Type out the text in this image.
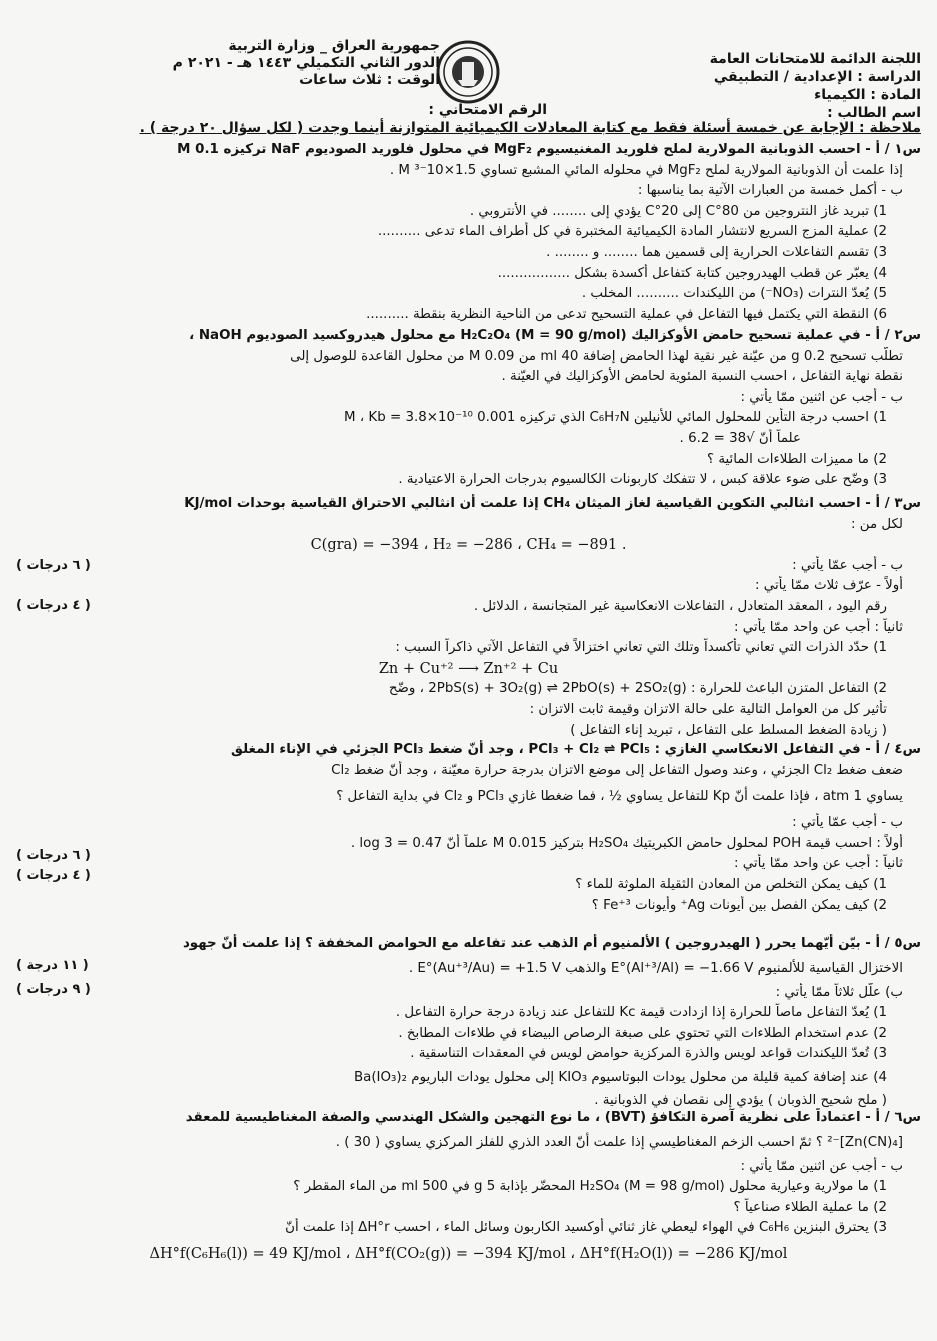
اللجنة الدائمة للامتحانات العامة
الدراسة : الإعدادية / التطبيقي
المادة : الكيمياء
اسم الطالب :
جمهورية العراق _ وزارة التربية
الدور الثاني التكميلي ١٤٤٣ هـ - ٢٠٢١ م
الوقت : ثلاث ساعات
الرقم الامتحاني :
ملاحظة : الإجابة عن خمسة أسئلة فقط مع كتابة المعادلات الكيميائية المتوازنة أينما وجدت ( لكل سؤال ٢٠ درجة ) .
س١ / أ - احسب الذوبانية المولارية لملح فلوريد المغنيسيوم MgF₂ في محلول فلوريد الصوديوم NaF تركيزه 0.1 M
إذا علمت أن الذوبانية المولارية لملح MgF₂ في محلوله المائي المشبع تساوي 1.5×10⁻³ M .
ب - أكمل خمسة من العبارات الآتية بما يناسبها :
1) تبريد غاز النتروجين من 80°C إلى 20°C يؤدي إلى ........ في الأنتروبي .
2) عملية المزج السريع لانتشار المادة الكيميائية المختبرة في كل أطراف الماء تدعى ..........
3) تقسم التفاعلات الحرارية إلى قسمين هما ........ و ........ .
4) يعبّر عن قطب الهيدروجين كتابة كتفاعل أكسدة بشكل .................
5) يُعدّ النترات (NO₃⁻) من الليكندات .......... المخلب .
6) النقطة التي يكتمل فيها التفاعل في عملية التسحيح تدعى من الناحية النظرية بنقطة ..........
س٢ / أ - في عملية تسحيح حامض الأوكزاليك H₂C₂O₄ (M = 90 g/mol) مع محلول هيدروكسيد الصوديوم NaOH ،
تطلّب تسحيح 0.2 g من عيّنة غير نقية لهذا الحامض إضافة 40 ml من 0.09 M من محلول القاعدة للوصول إلى
نقطة نهاية التفاعل ، احسب النسبة المئوية لحامض الأوكزاليك في العيّنة .
ب - أجب عن اثنين ممّا يأتي :
1) احسب درجة التأين للمحلول المائي للأنيلين C₆H₇N الذي تركيزه 0.001 M ، Kb = 3.8×10⁻¹⁰
علماً أنّ √38 = 6.2 .
2) ما مميزات الطلاءات المائية ؟
3) وضّح على ضوء علاقة كبس ، لا تتفكك كاربونات الكالسيوم بدرجات الحرارة الاعتيادية .
س٣ / أ - احسب انثالبي التكوين القياسية لغاز الميثان CH₄ إذا علمت أن انثالبي الاحتراق القياسية بوحدات KJ/mol
لكل من :
C(gra) = −394 ، H₂ = −286 ، CH₄ = −891 .
ب - أجب عمّا يأتي :
أولاً - عرّف ثلاث ممّا يأتي :
رقم اليود ، المعقد المتعادل ، التفاعلات الانعكاسية غير المتجانسة ، الدلائل .
ثانياً : أجب عن واحد ممّا يأتي :
1) حدّد الذرات التي تعاني تأكسداً وتلك التي تعاني اختزالاً في التفاعل الآتي ذاكراً السبب :
Zn + Cu⁺² ⟶ Zn⁺² + Cu
2) التفاعل المتزن الباعث للحرارة : 2PbS(s) + 3O₂(g) ⇌ 2PbO(s) + 2SO₂(g) ، وضّح
تأثير كل من العوامل التالية على حالة الاتزان وقيمة ثابت الاتزان :
( زيادة الضغط المسلط على التفاعل ، تبريد إناء التفاعل )
( ٦ درجات )
( ٤ درجات )
س٤ / أ - في التفاعل الانعكاسي الغازي : PCl₃ + Cl₂ ⇌ PCl₅ ، وجد أنّ ضغط PCl₃ الجزئي في الإناء المغلق
ضعف ضغط Cl₂ الجزئي ، وعند وصول التفاعل إلى موضع الاتزان بدرجة حرارة معيّنة ، وجد أنّ ضغط Cl₂
يساوي 1 atm ، فإذا علمت أنّ Kp للتفاعل يساوي ½ ، فما ضغطا غازي PCl₃ و Cl₂ في بداية التفاعل ؟
ب - أجب عمّا يأتي :
أولاً : احسب قيمة POH لمحلول حامض الكبريتيك H₂SO₄ بتركيز 0.015 M علماً أنّ log 3 = 0.47 .
ثانياً : أجب عن واحد ممّا يأتي :
1) كيف يمكن التخلص من المعادن الثقيلة الملوثة للماء ؟
2) كيف يمكن الفصل بين أيونات Ag⁺ وأيونات Fe⁺³ ؟
( ٦ درجات )
( ٤ درجات )
س٥ / أ - بيّن أيّهما يحرر ( الهيدروجين ) الألمنيوم أم الذهب عند تفاعله مع الحوامض المخففة ؟ إذا علمت أنّ جهود
الاختزال القياسية للألمنيوم E°(Al⁺³/Al) = −1.66 V والذهب E°(Au⁺³/Au) = +1.5 V .
ب) علّل ثلاثاً ممّا يأتي :
1) يُعدّ التفاعل ماصاً للحرارة إذا ازدادت قيمة Kc للتفاعل عند زيادة درجة حرارة التفاعل .
2) عدم استخدام الطلاءات التي تحتوي على صبغة الرصاص البيضاء في طلاءات المطابخ .
3) تُعدّ الليكندات قواعد لويس والذرة المركزية حوامض لويس في المعقدات التناسقية .
4) عند إضافة كمية قليلة من محلول يودات البوتاسيوم KIO₃ إلى محلول يودات الباريوم Ba(IO₃)₂
( ملح شحيح الذوبان ) يؤدي إلى نقصان في الذوبانية .
( ١١ درجة )
( ٩ درجات )
س٦ / أ - اعتماداً على نظرية آصرة التكافؤ (BVT) ، ما نوع التهجين والشكل الهندسي والصفة المغناطيسية للمعقد
[Zn(CN)₄]⁻² ؟ ثمّ احسب الزخم المغناطيسي إذا علمت أنّ العدد الذري للفلز المركزي يساوي ( 30 ) .
ب - أجب عن اثنين ممّا يأتي :
1) ما مولارية وعيارية محلول H₂SO₄ (M = 98 g/mol) المحضّر بإذابة 5 g في 500 ml من الماء المقطر ؟
2) ما عملية الطلاء صناعياً ؟
3) يحترق البنزين C₆H₆ في الهواء ليعطي غاز ثنائي أوكسيد الكاربون وسائل الماء ، احسب ΔH°r إذا علمت أنّ
ΔH°f(C₆H₆(l)) = 49 KJ/mol ، ΔH°f(CO₂(g)) = −394 KJ/mol ، ΔH°f(H₂O(l)) = −286 KJ/mol
